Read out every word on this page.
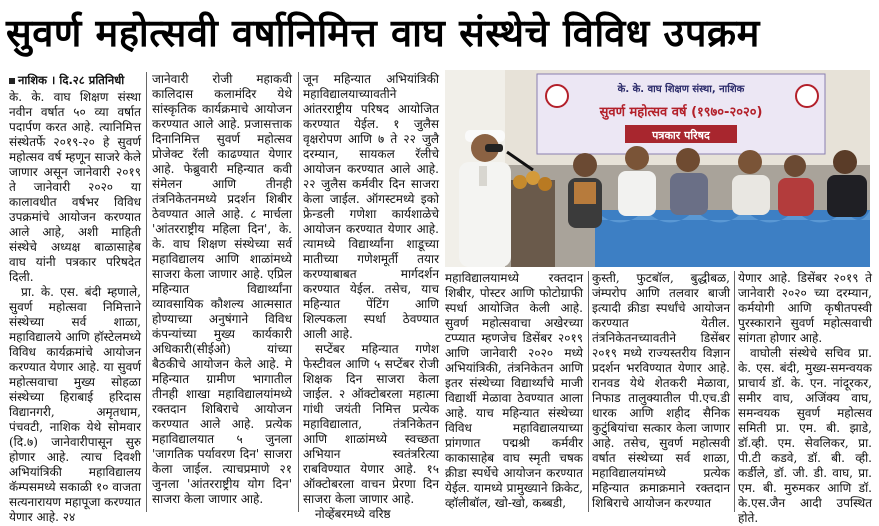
सुवर्ण महोत्सवी वर्षानिमित्त वाघ संस्थेचे विविध उपक्रम
नाशिक । दि.२८ प्रतिनिधी

के. के. वाघ शिक्षण संस्था नवीन वर्षात ५० व्या वर्षात पदार्पण करत आहे. त्यानिमित्त संस्थेतर्फे २०१९-२० हे सुवर्ण महोत्सव वर्ष म्हणून साजरे केले जाणार असून जानेवारी २०१९ ते जानेवारी २०२० या कालावधीत वर्षभर विविध उपक्रमांचे आयोजन करण्यात आले आहे, अशी माहिती संस्थेचे अध्यक्ष बाळासाहेब वाघ यांनी पत्रकार परिषदेत दिली.

प्रा. के. एस. बंदी म्हणाले, सुवर्ण महोत्सवा निमित्ताने संस्थेच्या सर्व शाळा, महाविद्यालये आणि हॉस्टेलमध्ये विविध कार्यक्रमांचे आयोजन करण्यात येणार आहे. या सुवर्ण महोत्सवाचा मुख्य सोहळा संस्थेच्या हिराबाई हरिदास विद्यानगरी, अमृतधाम, पंचवटी, नाशिक येथे सोमवार (दि.७) जानेवारीपासून सुरु होणार आहे. त्याच दिवशी अभियांत्रिकी महाविद्यालय कॅम्पसमध्ये सकाळी १० वाजता सत्यनारायण महापूजा करण्यात येणार आहे. २४

जानेवारी रोजी महाकवी कालिदास कलामंदिर येथे सांस्कृतिक कार्यक्रमाचे आयोजन करण्यात आले आहे. प्रजासत्ताक दिनानिमित्त सुवर्ण महोत्सव प्रोजेक्ट रॅली काढण्यात येणार आहे. फेब्रुवारी महिन्यात कवी संमेलन आणि तीनही तंत्रनिकेतनमध्ये प्रदर्शन शिबीर ठेवण्यात आले आहे. ८ मार्चला 'आंतरराष्ट्रीय महिला दिन', के. के. वाघ शिक्षण संस्थेच्या सर्व महाविद्यालय आणि शाळांमध्ये साजरा केला जाणार आहे. एप्रिल महिन्यात विद्यार्थ्यांना व्यावसायिक कौशल्य आत्मसात होण्याच्या अनुषंगाने विविध कंपन्यांच्या मुख्य कार्यकारी अधिकारी(सीईओ) यांच्या बैठकीचे आयोजन केले आहे. मे महिन्यात ग्रामीण भागातील तीनही शाखा महाविद्यालयांमध्ये रक्तदान शिबिराचे आयोजन करण्यात आले आहे. प्रत्येक महाविद्यालयात ५ जुनला 'जागतिक पर्यावरण दिन' साजरा केला जाईल. त्याचप्रमाणे २१ जुनला 'आंतरराष्ट्रीय योग दिन' साजरा केला जाणार आहे.

जून महिन्यात अभियांत्रिकी महाविद्यालयाच्यावतीने आंतरराष्ट्रीय परिषद आयोजित करण्यात येईल. १ जुलैस वृक्षरोपण आणि ७ ते २२ जुलै दरम्यान, सायकल रॅलीचे आयोजन करण्यात आले आहे. २२ जुलैस कर्मवीर दिन साजरा केला जाईल. ऑगस्टमध्ये इको फ्रेन्डली गणेशा कार्यशाळेचे आयोजन करण्यात येणार आहे. त्यामध्ये विद्यार्थ्यांना शाडूच्या मातीच्या गणेशमूर्ती तयार करण्याबाबत मार्गदर्शन करण्यात येईल. तसेच, याच महिन्यात पेंटिंग आणि शिल्पकला स्पर्धा ठेवण्यात आली आहे.

सप्टेंबर महिन्यात गणेश फेस्टीवल आणि ५ सप्टेंबर रोजी शिक्षक दिन साजरा केला जाईल. २ ऑक्टोबरला महात्मा गांधी जयंती निमित्त प्रत्येक महाविद्यालात, तंत्रनिकेतन आणि शाळांमध्ये स्वच्छता अभियान स्वतंत्ररित्या राबविण्यात येणार आहे. १५ ऑक्टोबरला वाचन प्रेरणा दिन साजरा केला जाणार आहे.

नोव्हेंबरमध्ये वरिष्ठ

के. के. वाघ शिक्षण संस्था, नाशिक
सुवर्ण महोत्सव वर्ष (१९७०-२०२०)
पत्रकार परिषद

महाविद्यालयामध्ये रक्तदान शिबीर, पोस्टर आणि फोटोग्राफी स्पर्धा आयोजित केली आहे. सुवर्ण महोत्सवाचा अखेरच्या टप्प्यात म्हणजेच डिसेंबर २०१९ आणि जानेवारी २०२० मध्ये अभियांत्रिकी, तंत्रनिकेतन आणि इतर संस्थेच्या विद्यार्थ्यांचे माजी विद्यार्थी मेळावा ठेवण्यात आला आहे. याच महिन्यात संस्थेच्या विविध महाविद्यालयाच्या प्रांगणात पद्मश्री कर्मवीर काकासाहेब वाघ स्मृती चषक क्रीडा स्पर्धेचे आयोजन करण्यात येईल. यामध्ये प्रामुख्याने क्रिकेट, व्हॉलीबॉल, खो-खो, कब्बडी,

कुस्ती, फुटबॉल, बुद्धीबळ, जंम्परोप आणि तलवार बाजी इत्यादी क्रीडा स्पर्धांचे आयोजन करण्यात येतील. तंत्रनिकेतनच्यावतीने डिसेंबर २०१९ मध्ये राज्यस्तरीय विज्ञान प्रदर्शन भरविण्यात येणार आहे. रानवड येथे शेतकरी मेळावा, निफाड तालुक्यातील पी.एच.डी धारक आणि शहीद सैनिक कुटुंबियांचा सत्कार केला जाणार आहे. तसेच, सुवर्ण महोत्सवी वर्षात संस्थेच्या सर्व शाळा, महाविद्यालयांमध्ये प्रत्येक महिन्यात क्रमाक्रमाने रक्तदान शिबिराचे आयोजन करण्यात

येणार आहे. डिसेंबर २०१९ ते जानेवारी २०२० च्या दरम्यान, कर्मयोगी आणि कृषीतपस्वी पुरस्काराने सुवर्ण महोत्सवाची सांगता होणार आहे.

वाघोली संस्थेचे सचिव प्रा. के. एस. बंदी, मुख्य-समन्वयक प्राचार्य डॉ. के. एन. नांदूरकर, समीर वाघ, अजिंक्य वाघ, समन्वयक सुवर्ण महोत्सव समिती प्रा. एम. बी. झाडे, डॉ.व्ही. एम. सेवलिकर, प्रा. पी.टी कडवे, डॉ. बी. व्ही. कर्डीले, डॉ. जी. डी. वाघ, प्रा. एम. बी. मुरुमकर आणि डॉ. के.एस.जैन आदी उपस्थित होते.
